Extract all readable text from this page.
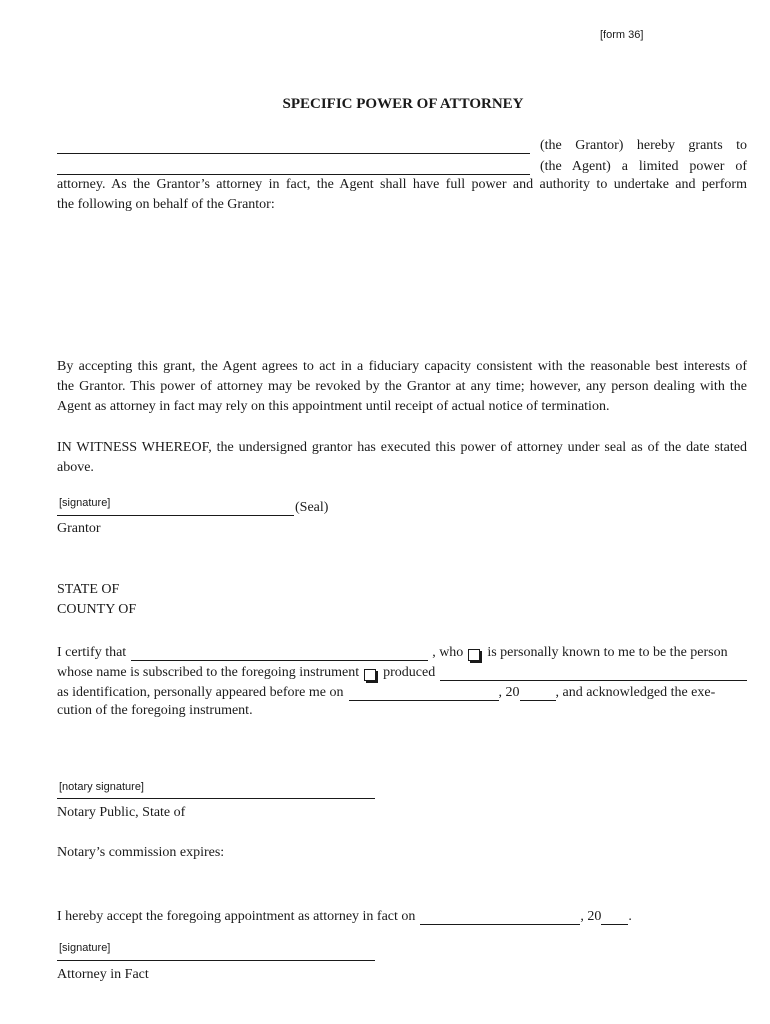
[form 36]
SPECIFIC POWER OF ATTORNEY
(the Grantor) hereby grants to
(the Agent) a limited power of
attorney. As the Grantor’s attorney in fact, the Agent shall have full power and authority to undertake and perform
the following on behalf of the Grantor:
By accepting this grant, the Agent agrees to act in a fiduciary capacity consistent with the reasonable best interests of
the Grantor. This power of attorney may be revoked by the Grantor at any time; however, any person dealing with the
Agent as attorney in fact may rely on this appointment until receipt of actual notice of termination.
IN WITNESS WHEREOF, the undersigned grantor has executed this power of attorney under seal as of the date stated
above.
[signature]	(Seal)
Grantor
STATE OF
COUNTY OF
I certify that	, who is personally known to me to be the person
whose name is subscribed to the foregoing instrument produced
as identification, personally appeared before me on	, 20	, and acknowledged the exe-
cution of the foregoing instrument.
[notary signature]
Notary Public, State of
Notary’s commission expires:
I hereby accept the foregoing appointment as attorney in fact on	, 20 .
[signature]
Attorney in Fact
